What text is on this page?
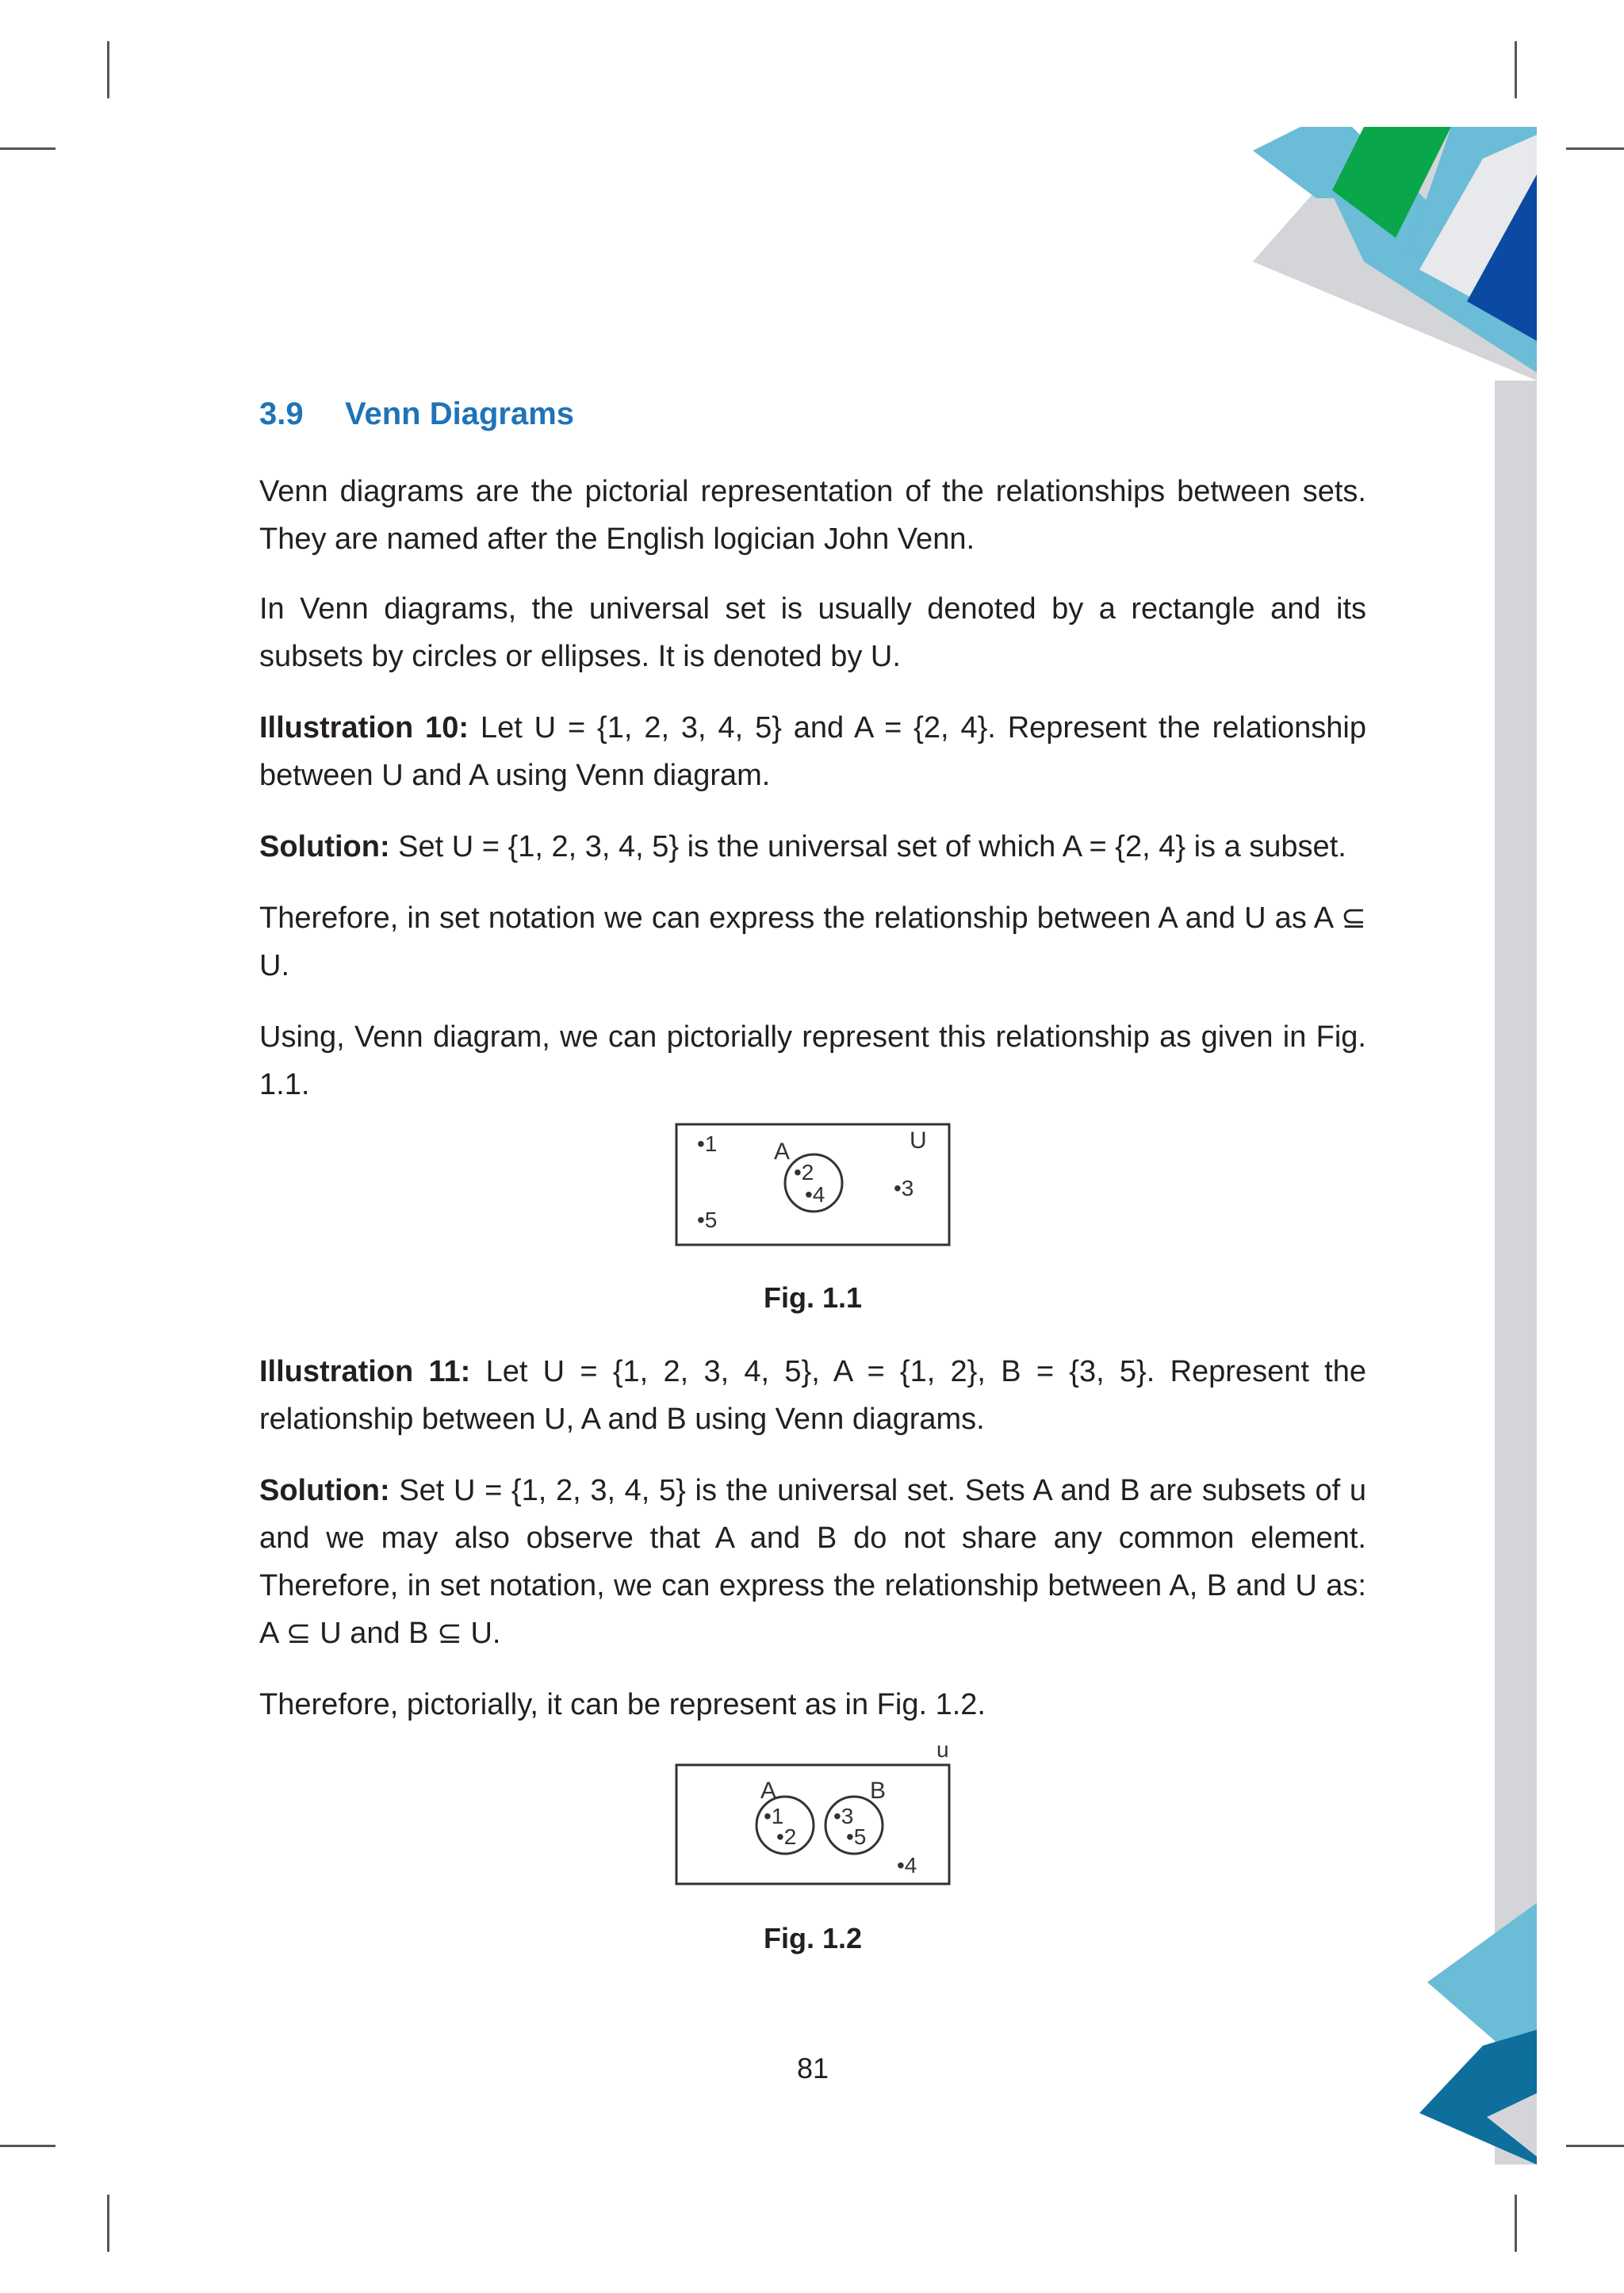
3.9 Venn Diagrams
Venn diagrams are the pictorial representation of the relationships between sets. They are named after the English logician John Venn.
In Venn diagrams, the universal set is usually denoted by a rectangle and its subsets by circles or ellipses. It is denoted by U.
Illustration 10: Let U = {1, 2, 3, 4, 5} and A = {2, 4}. Represent the relationship between U and A using Venn diagram.
Solution: Set U = {1, 2, 3, 4, 5} is the universal set of which A = {2, 4} is a subset.
Therefore, in set notation we can express the relationship between A and U as A ⊆ U.
Using, Venn diagram, we can pictorially represent this relationship as given in Fig. 1.1.
U
A
•2
•4
•1
•3
•5
Fig. 1.1
Illustration 11: Let U = {1, 2, 3, 4, 5}, A = {1, 2}, B = {3, 5}. Represent the relationship between U, A and B using Venn diagrams.
Solution: Set U = {1, 2, 3, 4, 5} is the universal set. Sets A and B are subsets of u and we may also observe that A and B do not share any common element. Therefore, in set notation, we can express the relationship between A, B and U as: A ⊆ U and B ⊆ U.
Therefore, pictorially, it can be represent as in Fig. 1.2.
u
A	B
•1
•2
•3
•5
•4
Fig. 1.2
81
